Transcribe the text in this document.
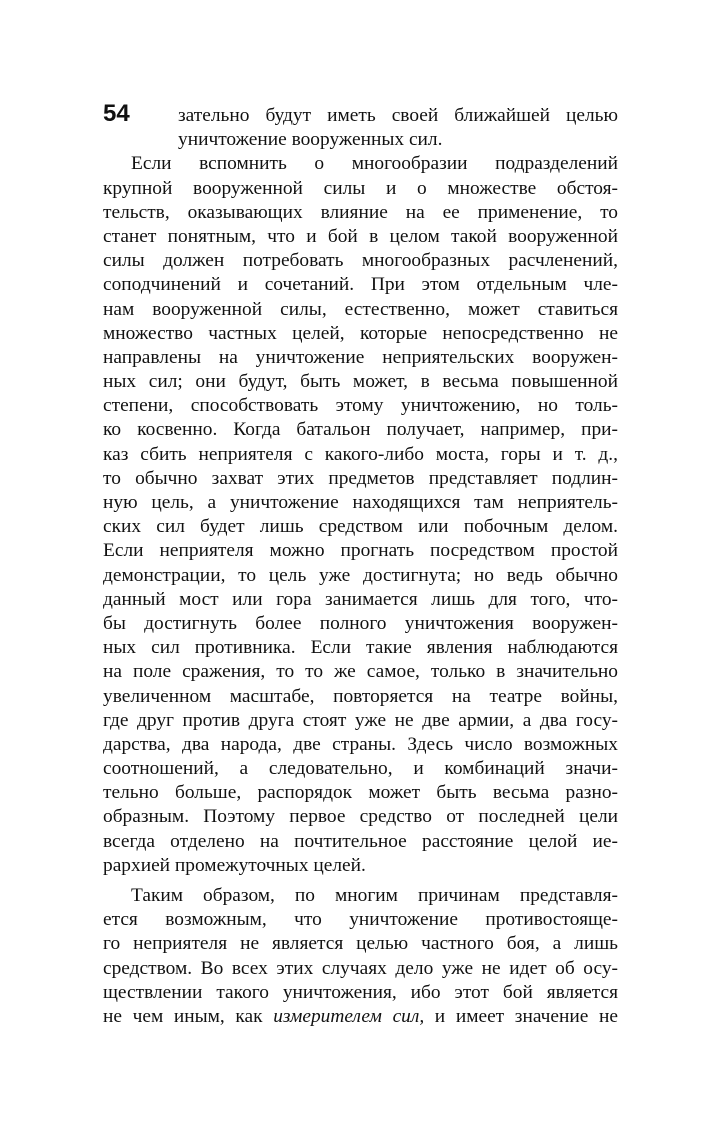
54	зательно будут иметь своей ближайшей целью
уничтожение вооруженных сил.
Если вспомнить о многообразии подразделений
крупной вооруженной силы и о множестве обстоя-
тельств, оказывающих влияние на ее применение, то
станет понятным, что и бой в целом такой вооруженной
силы должен потребовать многообразных расчленений,
соподчинений и сочетаний. При этом отдельным чле-
нам вооруженной силы, естественно, может ставиться
множество частных целей, которые непосредственно не
направлены на уничтожение неприятельских вооружен-
ных сил; они будут, быть может, в весьма повышенной
степени, способствовать этому уничтожению, но толь-
ко косвенно. Когда батальон получает, например, при-
каз сбить неприятеля с какого-либо моста, горы и т. д.,
то обычно захват этих предметов представляет подлин-
ную цель, а уничтожение находящихся там неприятель-
ских сил будет лишь средством или побочным делом.
Если неприятеля можно прогнать посредством простой
демонстрации, то цель уже достигнута; но ведь обычно
данный мост или гора занимается лишь для того, что-
бы достигнуть более полного уничтожения вооружен-
ных сил противника. Если такие явления наблюдаются
на поле сражения, то то же самое, только в значительно
увеличенном масштабе, повторяется на театре войны,
где друг против друга стоят уже не две армии, а два госу-
дарства, два народа, две страны. Здесь число возможных
соотношений, а следовательно, и комбинаций значи-
тельно больше, распорядок может быть весьма разно-
образным. Поэтому первое средство от последней цели
всегда отделено на почтительное расстояние целой ие-
рархией промежуточных целей.
Таким образом, по многим причинам представля-
ется возможным, что уничтожение противостояще-
го неприятеля не является целью частного боя, а лишь
средством. Во всех этих случаях дело уже не идет об осу-
ществлении такого уничтожения, ибо этот бой является
не чем иным, как измерителем сил, и имеет значение не
